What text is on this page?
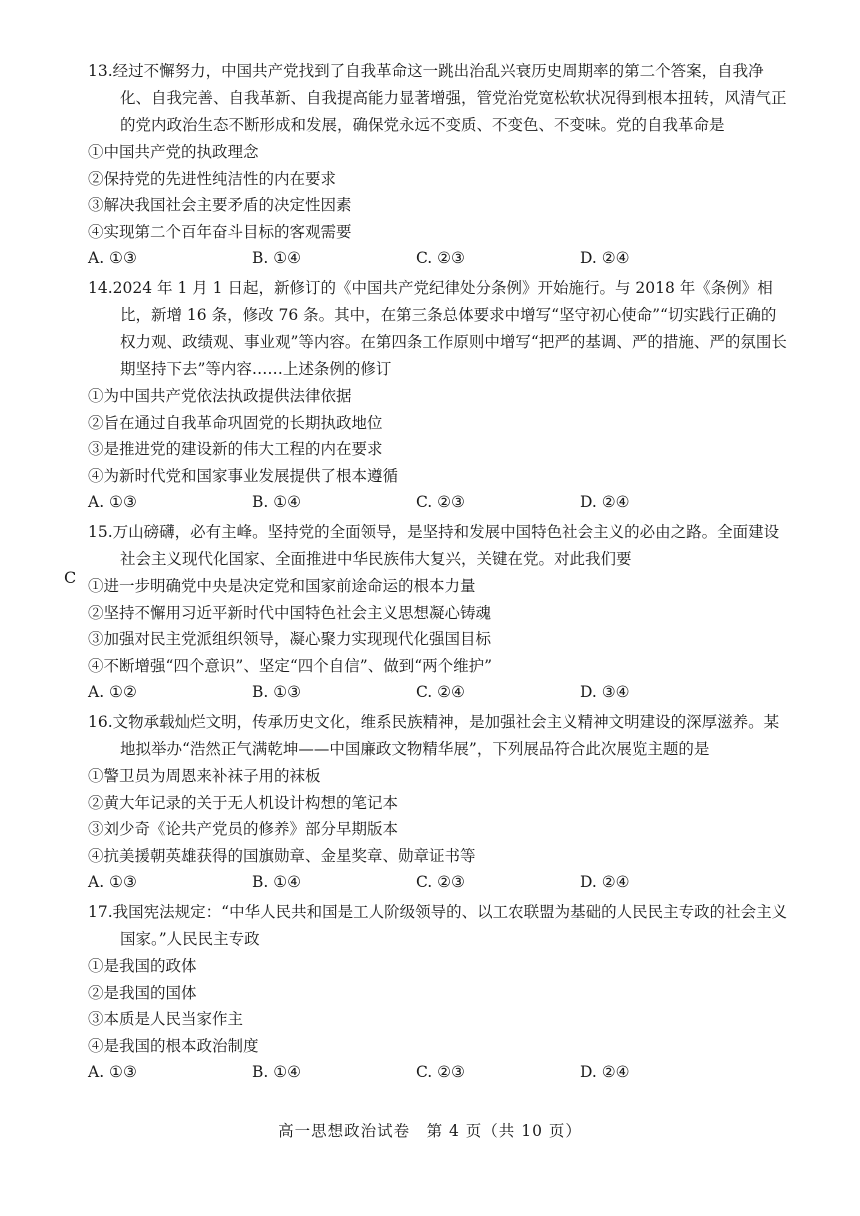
13.经过不懈努力，中国共产党找到了自我革命这一跳出治乱兴衰历史周期率的第二个答案，自我净化、自我完善、自我革新、自我提高能力显著增强，管党治党宽松软状况得到根本扭转，风清气正的党内政治生态不断形成和发展，确保党永远不变质、不变色、不变味。党的自我革命是

①中国共产党的执政理念

②保持党的先进性纯洁性的内在要求

③解决我国社会主要矛盾的决定性因素

④实现第二个百年奋斗目标的客观需要

A. ①③	B. ①④	C. ②③	D. ②④

14.2024 年 1 月 1 日起，新修订的《中国共产党纪律处分条例》开始施行。与 2018 年《条例》相比，新增 16 条，修改 76 条。其中，在第三条总体要求中增写“坚守初心使命”“切实践行正确的权力观、政绩观、事业观”等内容。在第四条工作原则中增写“把严的基调、严的措施、严的氛围长期坚持下去”等内容……上述条例的修订

①为中国共产党依法执政提供法律依据

②旨在通过自我革命巩固党的长期执政地位

③是推进党的建设新的伟大工程的内在要求

④为新时代党和国家事业发展提供了根本遵循

A. ①③	B. ①④	C. ②③	D. ②④

15.万山磅礴，必有主峰。坚持党的全面领导，是坚持和发展中国特色社会主义的必由之路。全面建设社会主义现代化国家、全面推进中华民族伟大复兴，关键在党。对此我们要

①进一步明确党中央是决定党和国家前途命运的根本力量

②坚持不懈用习近平新时代中国特色社会主义思想凝心铸魂

③加强对民主党派组织领导，凝心聚力实现现代化强国目标

④不断增强“四个意识”、坚定“四个自信”、做到“两个维护”

A. ①②	B. ①③	C. ②④	D. ③④

16.文物承载灿烂文明，传承历史文化，维系民族精神，是加强社会主义精神文明建设的深厚滋养。某地拟举办“浩然正气满乾坤——中国廉政文物精华展”，下列展品符合此次展览主题的是

①警卫员为周恩来补袜子用的袜板

②黄大年记录的关于无人机设计构想的笔记本

③刘少奇《论共产党员的修养》部分早期版本

④抗美援朝英雄获得的国旗勋章、金星奖章、勋章证书等

A. ①③	B. ①④	C. ②③	D. ②④

17.我国宪法规定：“中华人民共和国是工人阶级领导的、以工农联盟为基础的人民民主专政的社会主义国家。”人民民主专政

①是我国的政体

②是我国的国体

③本质是人民当家作主

④是我国的根本政治制度

A. ①③	B. ①④	C. ②③	D. ②④
C
高一思想政治试卷　第 4 页（共 10 页）
